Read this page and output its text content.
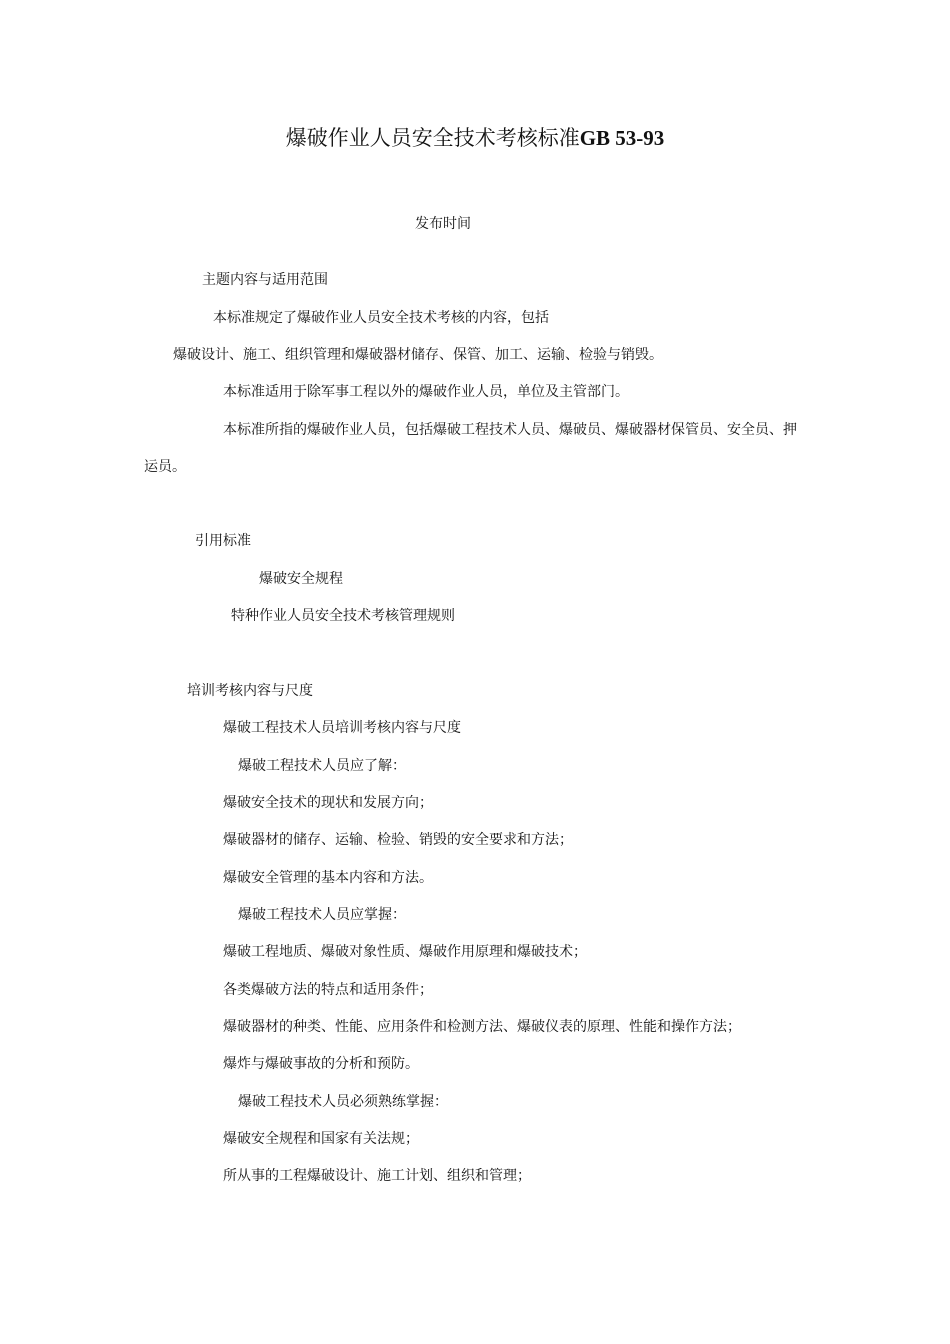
爆破作业人员安全技术考核标准GB 53-93
发布时间
主题内容与适用范围
本标准规定了爆破作业人员安全技术考核的内容，包括
爆破设计、施工、组织管理和爆破器材储存、保管、加工、运输、检验与销毁。
本标准适用于除军事工程以外的爆破作业人员，单位及主管部门。
本标准所指的爆破作业人员，包括爆破工程技术人员、爆破员、爆破器材保管员、安全员、押
运员。
引用标准
爆破安全规程
特种作业人员安全技术考核管理规则
培训考核内容与尺度
爆破工程技术人员培训考核内容与尺度
爆破工程技术人员应了解：
爆破安全技术的现状和发展方向；
爆破器材的储存、运输、检验、销毁的安全要求和方法；
爆破安全管理的基本内容和方法。
爆破工程技术人员应掌握：
爆破工程地质、爆破对象性质、爆破作用原理和爆破技术；
各类爆破方法的特点和适用条件；
爆破器材的种类、性能、应用条件和检测方法、爆破仪表的原理、性能和操作方法；
爆炸与爆破事故的分析和预防。
爆破工程技术人员必须熟练掌握：
爆破安全规程和国家有关法规；
所从事的工程爆破设计、施工计划、组织和管理；
